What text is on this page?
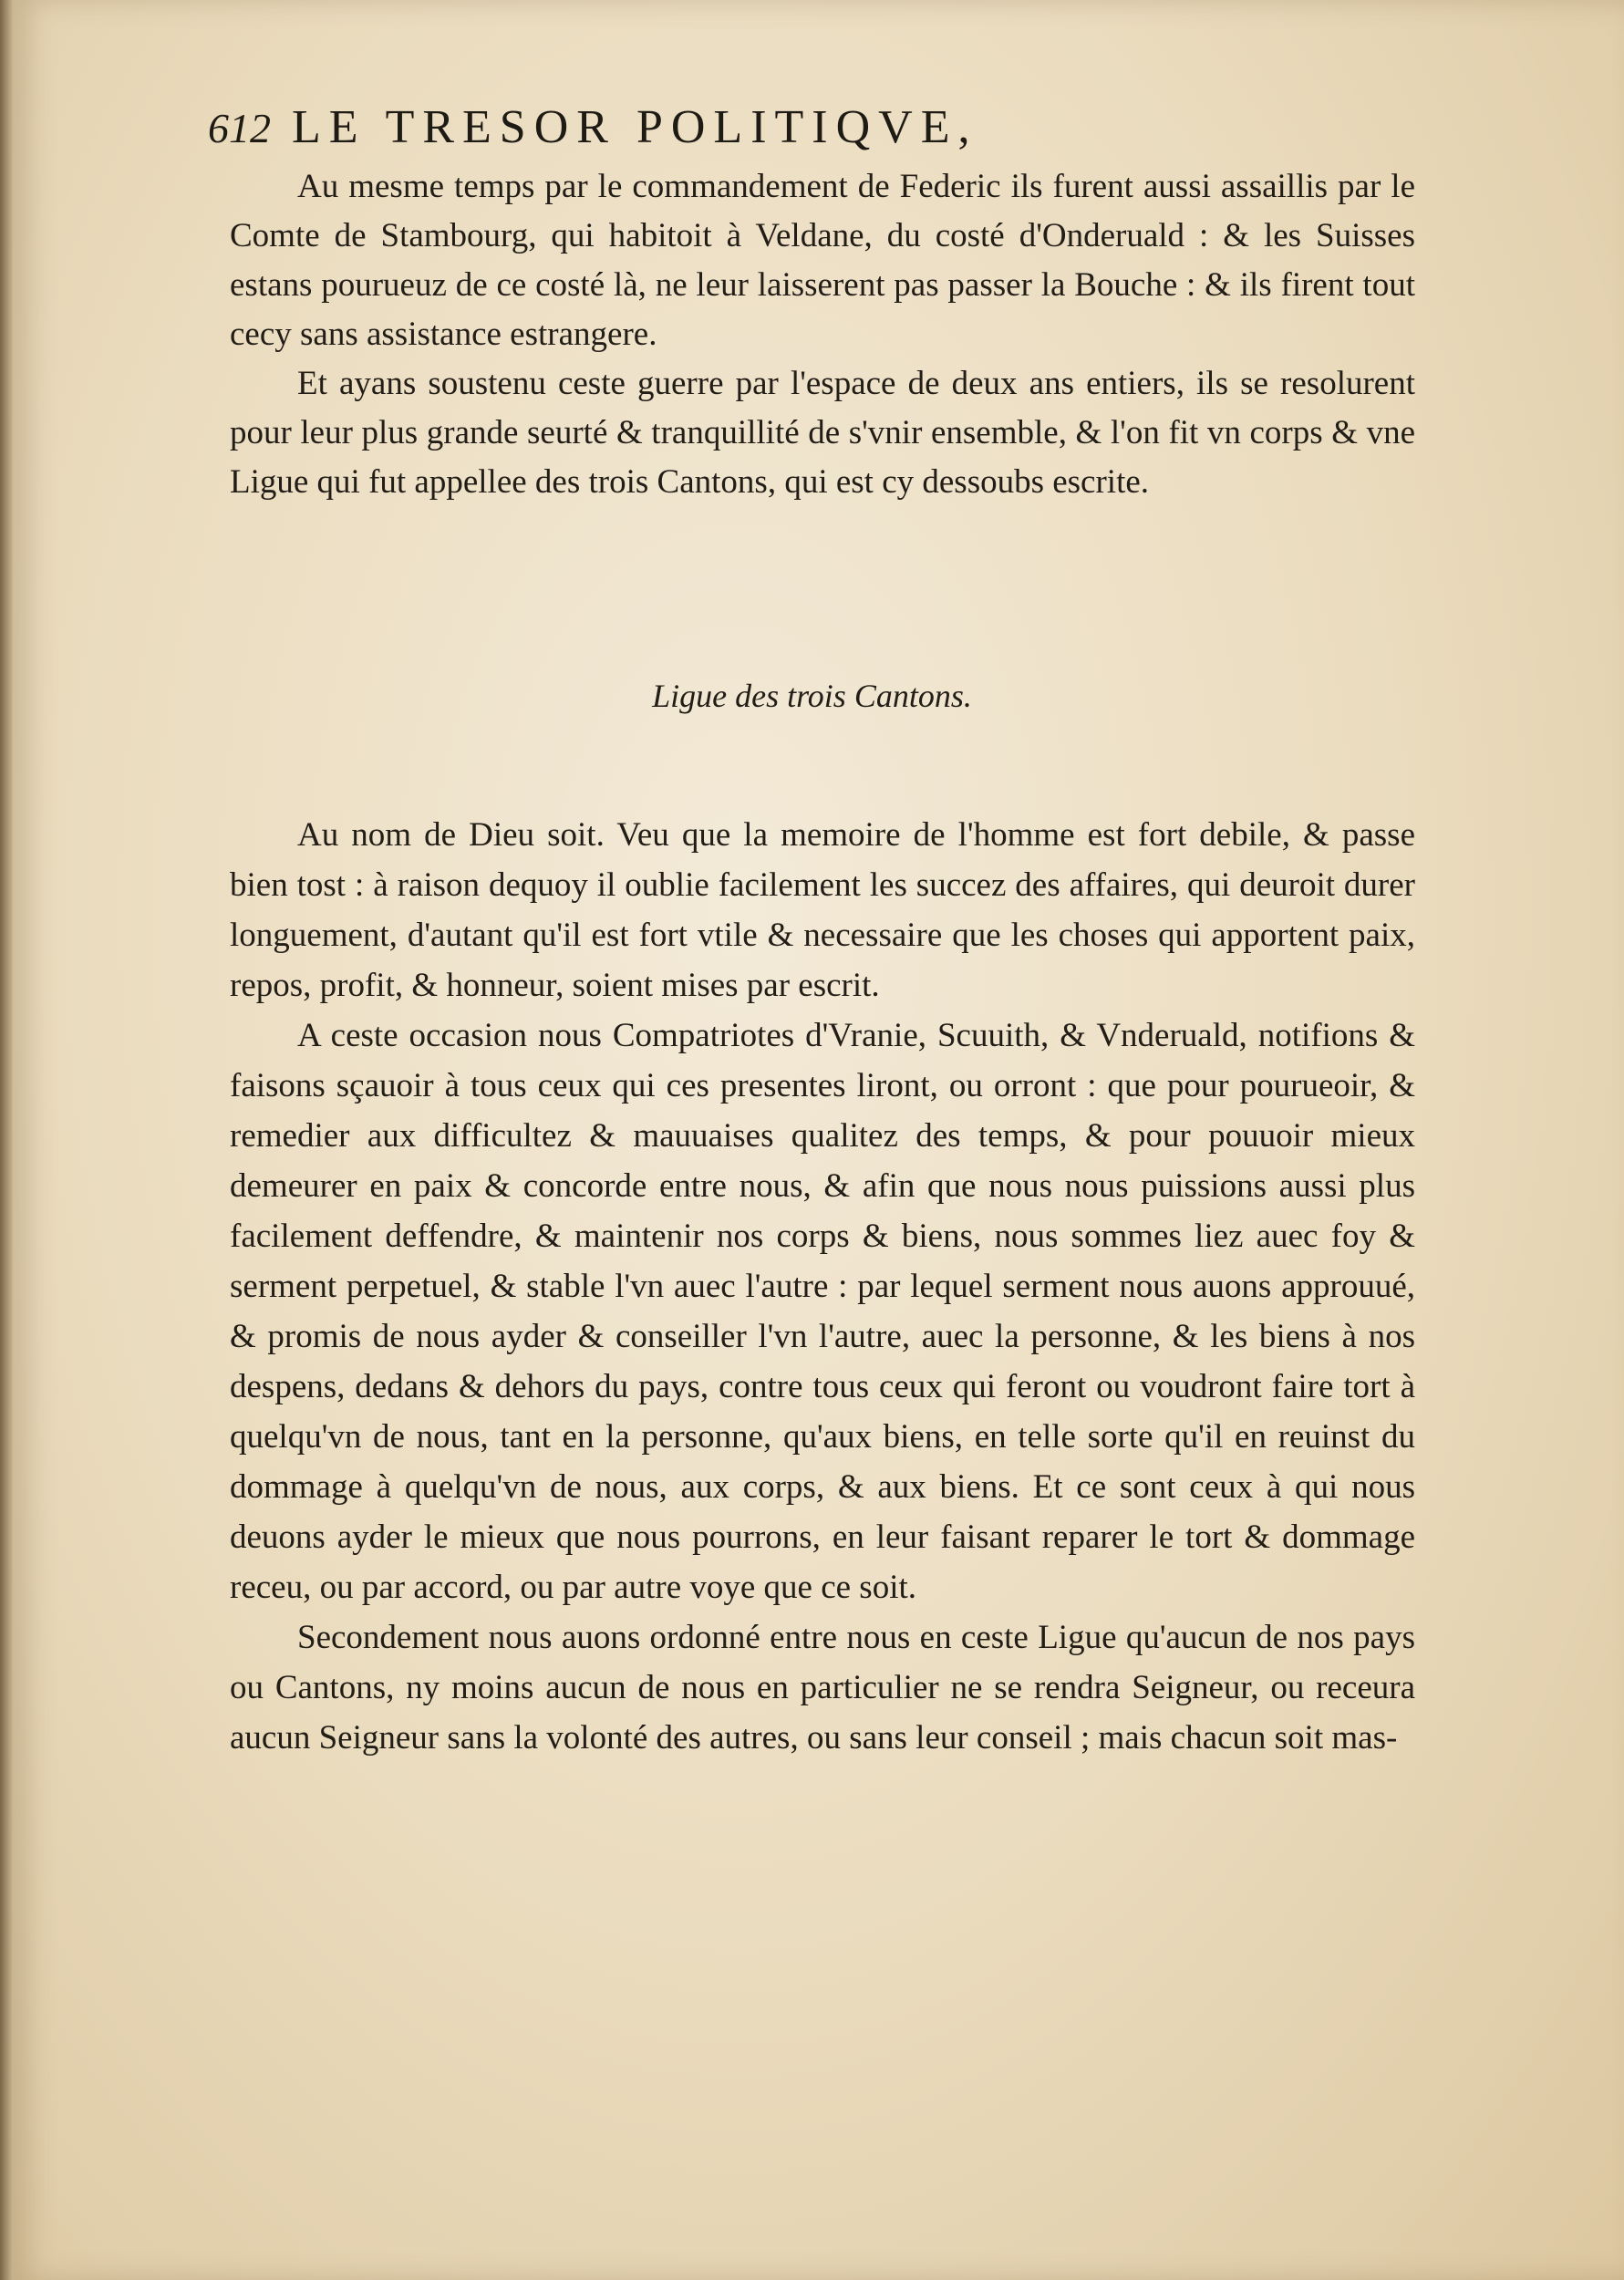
612 LE TRESOR POLITIQVE,

Au mesme temps par le commandement de Federic ils furent aussi assaillis par le Comte de Stambourg, qui habitoit à Veldane, du costé d'Onderuald : & les Suisses estans pourueuz de ce costé là, ne leur laisserent pas passer la Bouche : & ils firent tout cecy sans assistance estrangere.

Et ayans soustenu ceste guerre par l'espace de deux ans entiers, ils se resolurent pour leur plus grande seurté & tranquillité de s'vnir ensemble, & l'on fit vn corps & vne Ligue qui fut appellee des trois Cantons, qui est cy dessoubs escrite.

Ligue des trois Cantons.

Au nom de Dieu soit. Veu que la memoire de l'homme est fort debile, & passe bien tost : à raison dequoy il oublie facilement les succez des affaires, qui deuroit durer longuement, d'autant qu'il est fort vtile & necessaire que les choses qui apportent paix, repos, profit, & honneur, soient mises par escrit.

A ceste occasion nous Compatriotes d'Vranie, Scuuith, & Vnderuald, notifions & faisons sçauoir à tous ceux qui ces presentes liront, ou orront : que pour pourueoir, & remedier aux difficultez & mauuaises qualitez des temps, & pour pouuoir mieux demeurer en paix & concorde entre nous, & afin que nous nous puissions aussi plus facilement deffendre, & maintenir nos corps & biens, nous sommes liez auec foy & serment perpetuel, & stable l'vn auec l'autre : par lequel serment nous auons approuué, & promis de nous ayder & conseiller l'vn l'autre, auec la personne, & les biens à nos despens, dedans & dehors du pays, contre tous ceux qui feront ou voudront faire tort à quelqu'vn de nous, tant en la personne, qu'aux biens, en telle sorte qu'il en reuinst du dommage à quelqu'vn de nous, aux corps, & aux biens. Et ce sont ceux à qui nous deuons ayder le mieux que nous pourrons, en leur faisant reparer le tort & dommage receu, ou par accord, ou par autre voye que ce soit.

Secondement nous auons ordonné entre nous en ceste Ligue qu'aucun de nos pays ou Cantons, ny moins aucun de nous en particulier ne se rendra Seigneur, ou receura aucun Seigneur sans la volonté des autres, ou sans leur conseil ; mais chacun soit mas-
